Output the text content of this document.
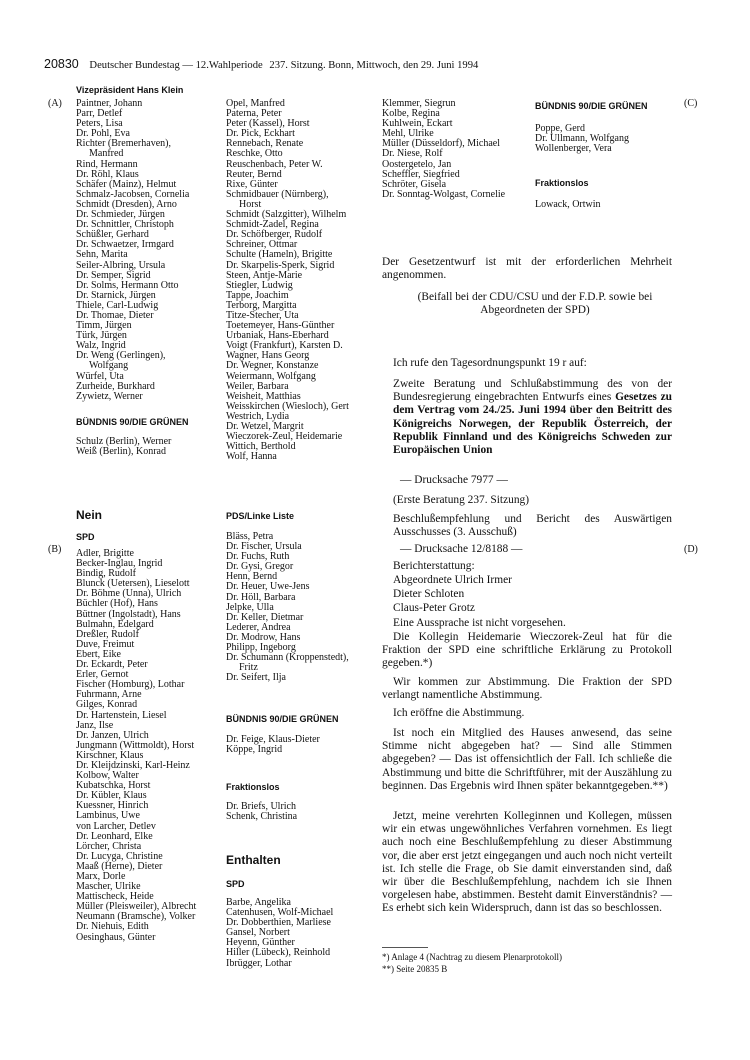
20830 Deutscher Bundestag — 12.Wahlperiode 237. Sitzung. Bonn, Mittwoch, den 29. Juni 1994
(A)
(B)
(C)
(D)
Vizepräsident Hans Klein
Paintner, Johann
Parr, Detlef
Peters, Lisa
Dr. Pohl, Eva
Richter (Bremerhaven),
Manfred
Rind, Hermann
Dr. Röhl, Klaus
Schäfer (Mainz), Helmut
Schmalz-Jacobsen, Cornelia
Schmidt (Dresden), Arno
Dr. Schmieder, Jürgen
Dr. Schnittler, Christoph
Schüßler, Gerhard
Dr. Schwaetzer, Irmgard
Sehn, Marita
Seiler-Albring, Ursula
Dr. Semper, Sigrid
Dr. Solms, Hermann Otto
Dr. Starnick, Jürgen
Thiele, Carl-Ludwig
Dr. Thomae, Dieter
Timm, Jürgen
Türk, Jürgen
Walz, Ingrid
Dr. Weng (Gerlingen),
Wolfgang
Würfel, Uta
Zurheide, Burkhard
Zywietz, Werner
BÜNDNIS 90/DIE GRÜNEN
Schulz (Berlin), Werner
Weiß (Berlin), Konrad
Nein
SPD
Adler, Brigitte
Becker-Inglau, Ingrid
Bindig, Rudolf
Blunck (Uetersen), Lieselott
Dr. Böhme (Unna), Ulrich
Büchler (Hof), Hans
Büttner (Ingolstadt), Hans
Bulmahn, Edelgard
Dreßler, Rudolf
Duve, Freimut
Ebert, Eike
Dr. Eckardt, Peter
Erler, Gernot
Fischer (Homburg), Lothar
Fuhrmann, Arne
Gilges, Konrad
Dr. Hartenstein, Liesel
Janz, Ilse
Dr. Janzen, Ulrich
Jungmann (Wittmoldt), Horst
Kirschner, Klaus
Dr. Kleijdzinski, Karl-Heinz
Kolbow, Walter
Kubatschka, Horst
Dr. Kübler, Klaus
Kuessner, Hinrich
Lambinus, Uwe
von Larcher, Detlev
Dr. Leonhard, Elke
Lörcher, Christa
Dr. Lucyga, Christine
Maaß (Herne), Dieter
Marx, Dorle
Mascher, Ulrike
Mattischeck, Heide
Müller (Pleisweiler), Albrecht
Neumann (Bramsche), Volker
Dr. Niehuis, Edith
Oesinghaus, Günter
Opel, Manfred
Paterna, Peter
Peter (Kassel), Horst
Dr. Pick, Eckhart
Rennebach, Renate
Reschke, Otto
Reuschenbach, Peter W.
Reuter, Bernd
Rixe, Günter
Schmidbauer (Nürnberg),
Horst
Schmidt (Salzgitter), Wilhelm
Schmidt-Zadel, Regina
Dr. Schöfberger, Rudolf
Schreiner, Ottmar
Schulte (Hameln), Brigitte
Dr. Skarpelis-Sperk, Sigrid
Steen, Antje-Marie
Stiegler, Ludwig
Tappe, Joachim
Terborg, Margitta
Titze-Stecher, Uta
Toetemeyer, Hans-Günther
Urbaniak, Hans-Eberhard
Voigt (Frankfurt), Karsten D.
Wagner, Hans Georg
Dr. Wegner, Konstanze
Weiermann, Wolfgang
Weiler, Barbara
Weisheit, Matthias
Weisskirchen (Wiesloch), Gert
Westrich, Lydia
Dr. Wetzel, Margrit
Wieczorek-Zeul, Heidemarie
Wittich, Berthold
Wolf, Hanna
PDS/Linke Liste
Bläss, Petra
Dr. Fischer, Ursula
Dr. Fuchs, Ruth
Dr. Gysi, Gregor
Henn, Bernd
Dr. Heuer, Uwe-Jens
Dr. Höll, Barbara
Jelpke, Ulla
Dr. Keller, Dietmar
Lederer, Andrea
Dr. Modrow, Hans
Philipp, Ingeborg
Dr. Schumann (Kroppenstedt),
Fritz
Dr. Seifert, Ilja
BÜNDNIS 90/DIE GRÜNEN
Dr. Feige, Klaus-Dieter
Köppe, Ingrid
Fraktionslos
Dr. Briefs, Ulrich
Schenk, Christina
Enthalten
SPD
Barbe, Angelika
Catenhusen, Wolf-Michael
Dr. Dobberthien, Marliese
Gansel, Norbert
Heyenn, Günther
Hiller (Lübeck), Reinhold
Ibrügger, Lothar
Klemmer, Siegrun
Kolbe, Regina
Kuhlwein, Eckart
Mehl, Ulrike
Müller (Düsseldorf), Michael
Dr. Niese, Rolf
Oostergetelo, Jan
Scheffler, Siegfried
Schröter, Gisela
Dr. Sonntag-Wolgast, Cornelie
BÜNDNIS 90/DIE GRÜNEN
Poppe, Gerd
Dr. Ullmann, Wolfgang
Wollenberger, Vera
Fraktionslos
Lowack, Ortwin
Der Gesetzentwurf ist mit der erforderlichen Mehrheit angenommen.
(Beifall bei der CDU/CSU und der F.D.P. sowie bei Abgeordneten der SPD)
Ich rufe den Tagesordnungspunkt 19 r auf:
Zweite Beratung und Schlußabstimmung des von der Bundesregierung eingebrachten Entwurfs eines Gesetzes zu dem Vertrag vom 24./25. Juni 1994 über den Beitritt des Königreichs Norwegen, der Republik Österreich, der Republik Finnland und des Königreichs Schweden zur Europäischen Union
— Drucksache 7977 —
(Erste Beratung 237. Sitzung)
Beschlußempfehlung und Bericht des Auswärtigen Ausschusses (3. Ausschuß)
— Drucksache 12/8188 —
Berichterstattung:
Abgeordnete Ulrich Irmer
Dieter Schloten
Claus-Peter Grotz
Eine Aussprache ist nicht vorgesehen.
Die Kollegin Heidemarie Wieczorek-Zeul hat für die Fraktion der SPD eine schriftliche Erklärung zu Protokoll gegeben.*)
Wir kommen zur Abstimmung. Die Fraktion der SPD verlangt namentliche Abstimmung.
Ich eröffne die Abstimmung.
Ist noch ein Mitglied des Hauses anwesend, das seine Stimme nicht abgegeben hat? — Sind alle Stimmen abgegeben? — Das ist offensichtlich der Fall. Ich schließe die Abstimmung und bitte die Schriftführer, mit der Auszählung zu beginnen. Das Ergebnis wird Ihnen später bekanntgegeben.**)
Jetzt, meine verehrten Kolleginnen und Kollegen, müssen wir ein etwas ungewöhnliches Verfahren vornehmen. Es liegt auch noch eine Beschlußempfehlung zu dieser Abstimmung vor, die aber erst jetzt eingegangen und auch noch nicht verteilt ist. Ich stelle die Frage, ob Sie damit einverstanden sind, daß wir über die Beschlußempfehlung, nachdem ich sie Ihnen vorgelesen habe, abstimmen. Besteht damit Einverständnis? — Es erhebt sich kein Widerspruch, dann ist das so beschlossen.
*) Anlage 4 (Nachtrag zu diesem Plenarprotokoll)
**) Seite 20835 B
